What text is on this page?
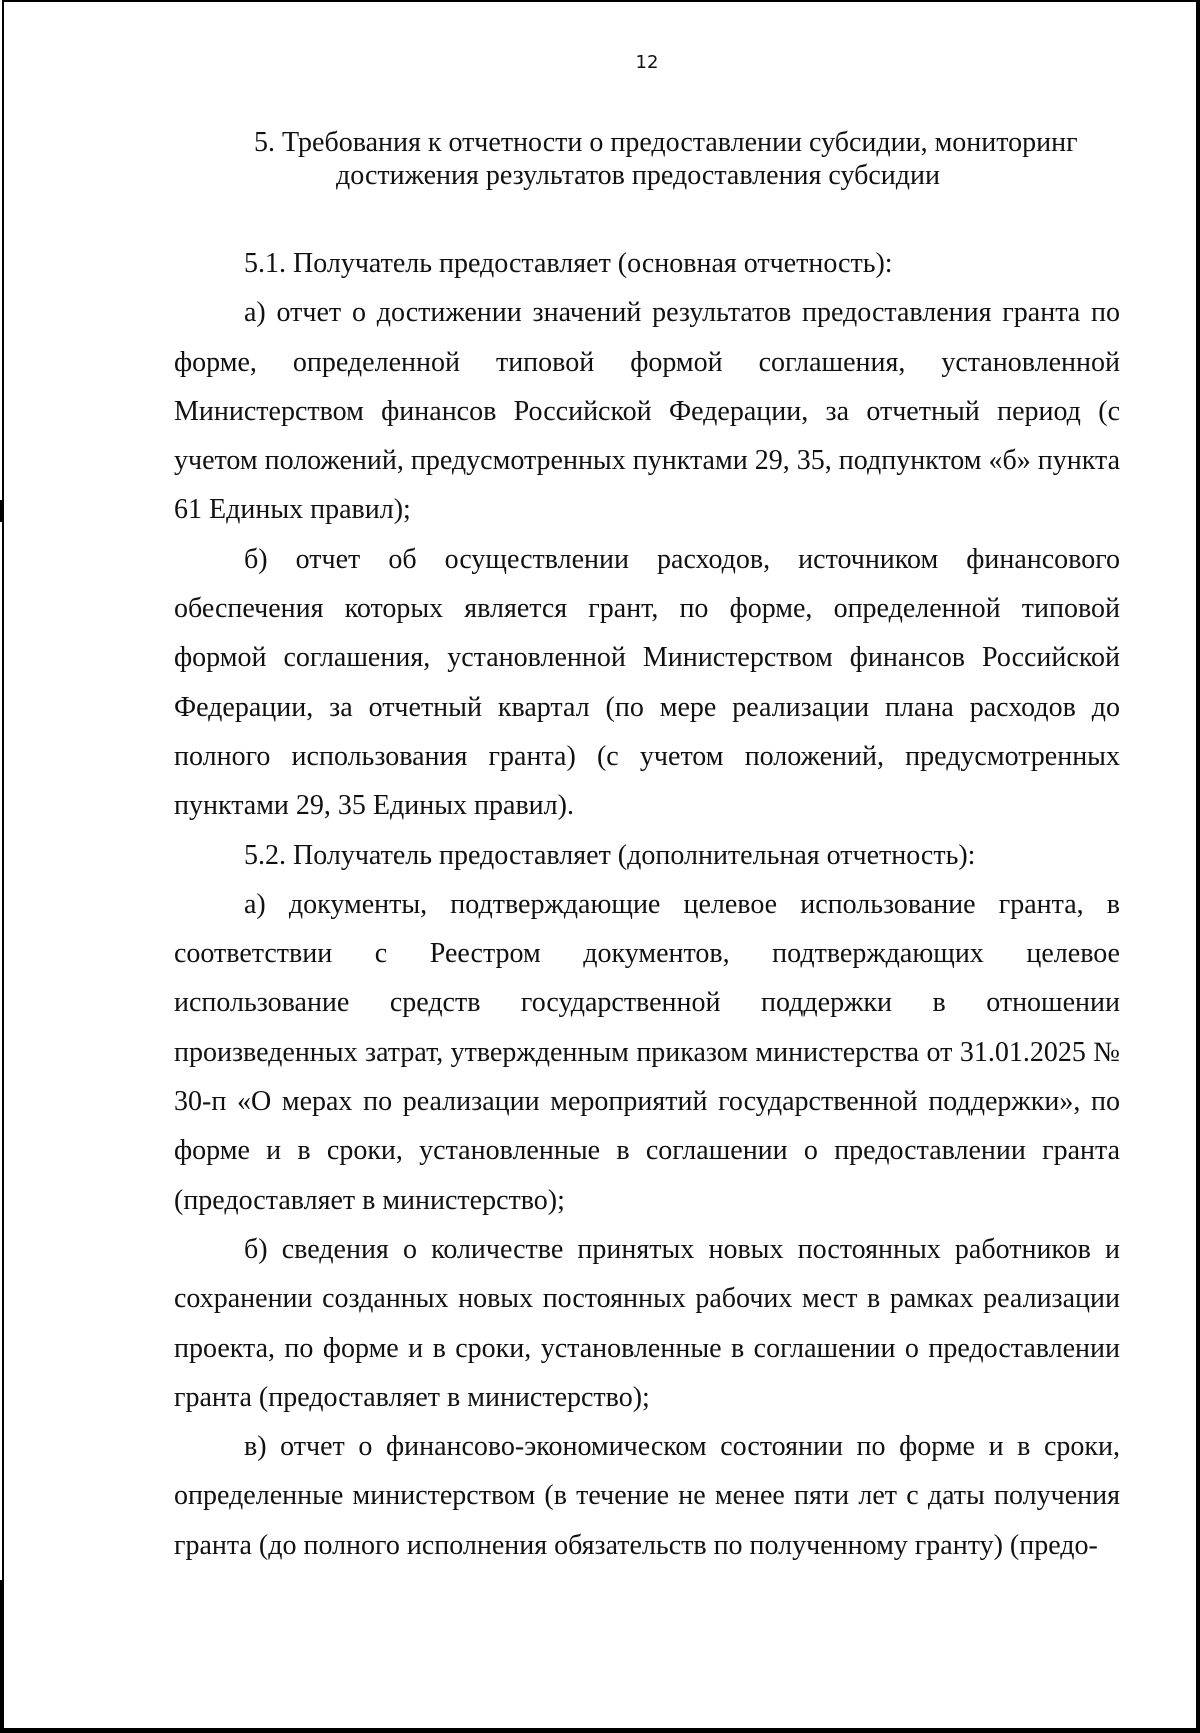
12
5. Требования к отчетности о предоставлении субсидии, мониторинг
достижения результатов предоставления субсидии

5.1. Получатель предоставляет (основная отчетность):

а) отчет о достижении значений результатов предоставления гранта по форме, определенной типовой формой соглашения, установленной Министерством финансов Российской Федерации, за отчетный период (с учетом положений, предусмотренных пунктами 29, 35, подпунктом «б» пункта 61 Единых правил);

б) отчет об осуществлении расходов, источником финансового обеспечения которых является грант, по форме, определенной типовой формой соглашения, установленной Министерством финансов Российской Федерации, за отчетный квартал (по мере реализации плана расходов до полного использования гранта) (с учетом положений, предусмотренных пунктами 29, 35 Единых правил).

5.2. Получатель предоставляет (дополнительная отчетность):

а) документы, подтверждающие целевое использование гранта, в соответствии с Реестром документов, подтверждающих целевое использование средств государственной поддержки в отношении произведенных затрат, утвержденным приказом министерства от 31.01.2025 № 30-п «О мерах по реализации мероприятий государственной поддержки», по форме и в сроки, установленные в соглашении о предоставлении гранта (предоставляет в министерство);

б) сведения о количестве принятых новых постоянных работников и сохранении созданных новых постоянных рабочих мест в рамках реализации проекта, по форме и в сроки, установленные в соглашении о предоставлении гранта (предоставляет в министерство);

в) отчет о финансово-экономическом состоянии по форме и в сроки, определенные министерством (в течение не менее пяти лет с даты получения гранта (до полного исполнения обязательств по полученному гранту) (предо-
